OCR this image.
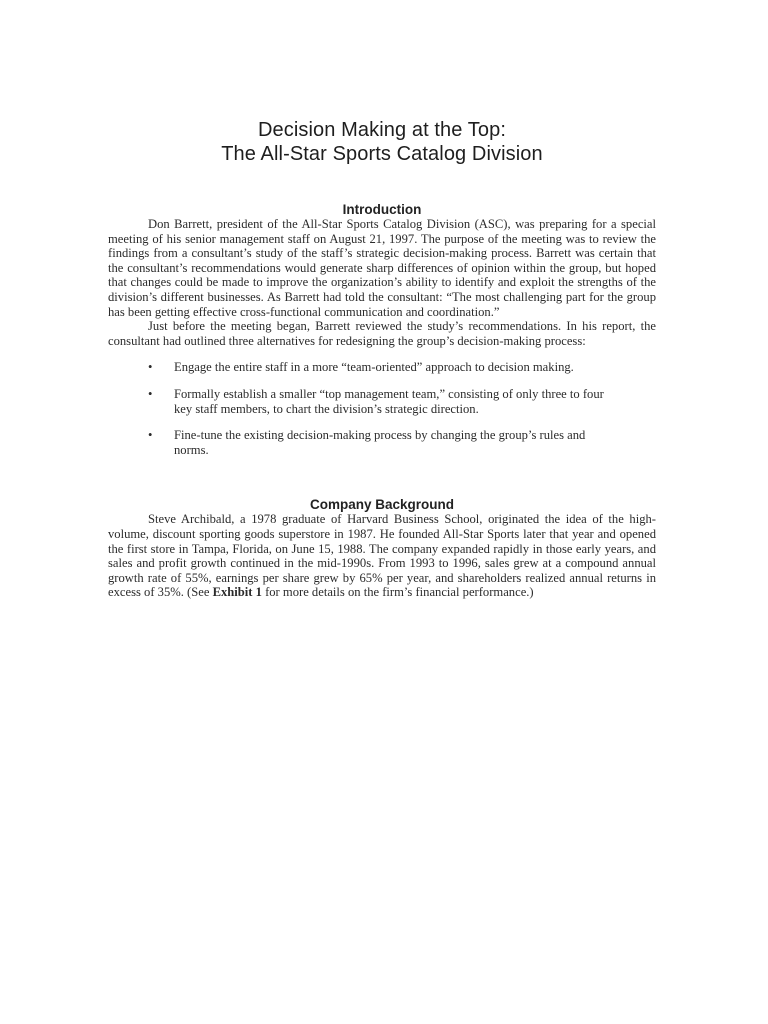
Decision Making at the Top:
The All-Star Sports Catalog Division
Introduction

Don Barrett, president of the All-Star Sports Catalog Division (ASC), was preparing for a special meeting of his senior management staff on August 21, 1997. The purpose of the meeting was to review the findings from a consultant’s study of the staff’s strategic decision-making process. Barrett was certain that the consultant’s recommendations would generate sharp differences of opinion within the group, but hoped that changes could be made to improve the organization’s ability to identify and exploit the strengths of the division’s different businesses. As Barrett had told the consultant: “The most challenging part for the group has been getting effective cross-functional communication and coordination.”

Just before the meeting began, Barrett reviewed the study’s recommendations. In his report, the consultant had outlined three alternatives for redesigning the group’s decision-making process:

• Engage the entire staff in a more “team-oriented” approach to decision making.
• Formally establish a smaller “top management team,” consisting of only three to four key staff members, to chart the division’s strategic direction.
• Fine-tune the existing decision-making process by changing the group’s rules and norms.
Company Background

Steve Archibald, a 1978 graduate of Harvard Business School, originated the idea of the high-volume, discount sporting goods superstore in 1987. He founded All-Star Sports later that year and opened the first store in Tampa, Florida, on June 15, 1988. The company expanded rapidly in those early years, and sales and profit growth continued in the mid-1990s. From 1993 to 1996, sales grew at a compound annual growth rate of 55%, earnings per share grew by 65% per year, and shareholders realized annual returns in excess of 35%. (See Exhibit 1 for more details on the firm’s financial performance.)
